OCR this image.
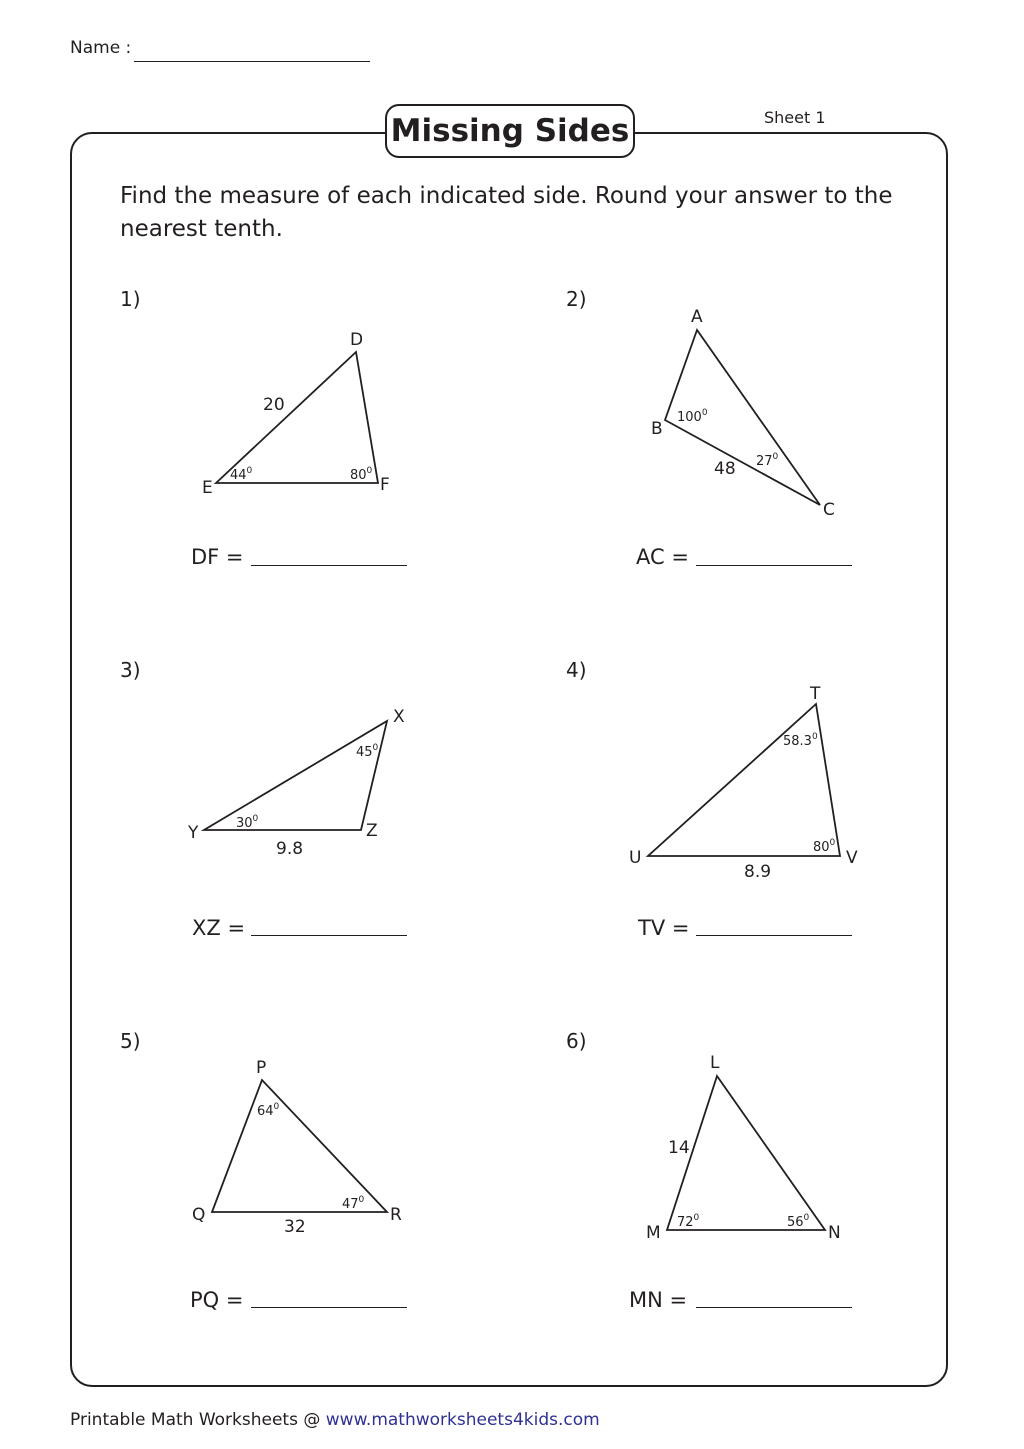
Name :
Missing Sides	Sheet 1
Find the measure of each indicated side. Round your answer to the nearest tenth.
1)	2)
3)	4)
5)	6)
D
E	F
$44^0$	$80^0$
20
A
B
C
$100^0$
$27^0$
48
X
Y	Z
$45^0$
$30^0$
9.8
T
U	V
58.3$^0$
$80^0$
8.9
P
Q	R
$64^0$
$47^0$
32
L
M	N
$72^0$	$56^0$
14
DF =	AC =
XZ =	TV =
PQ =	MN =
Printable Math Worksheets @ www.mathworksheets4kids.com
